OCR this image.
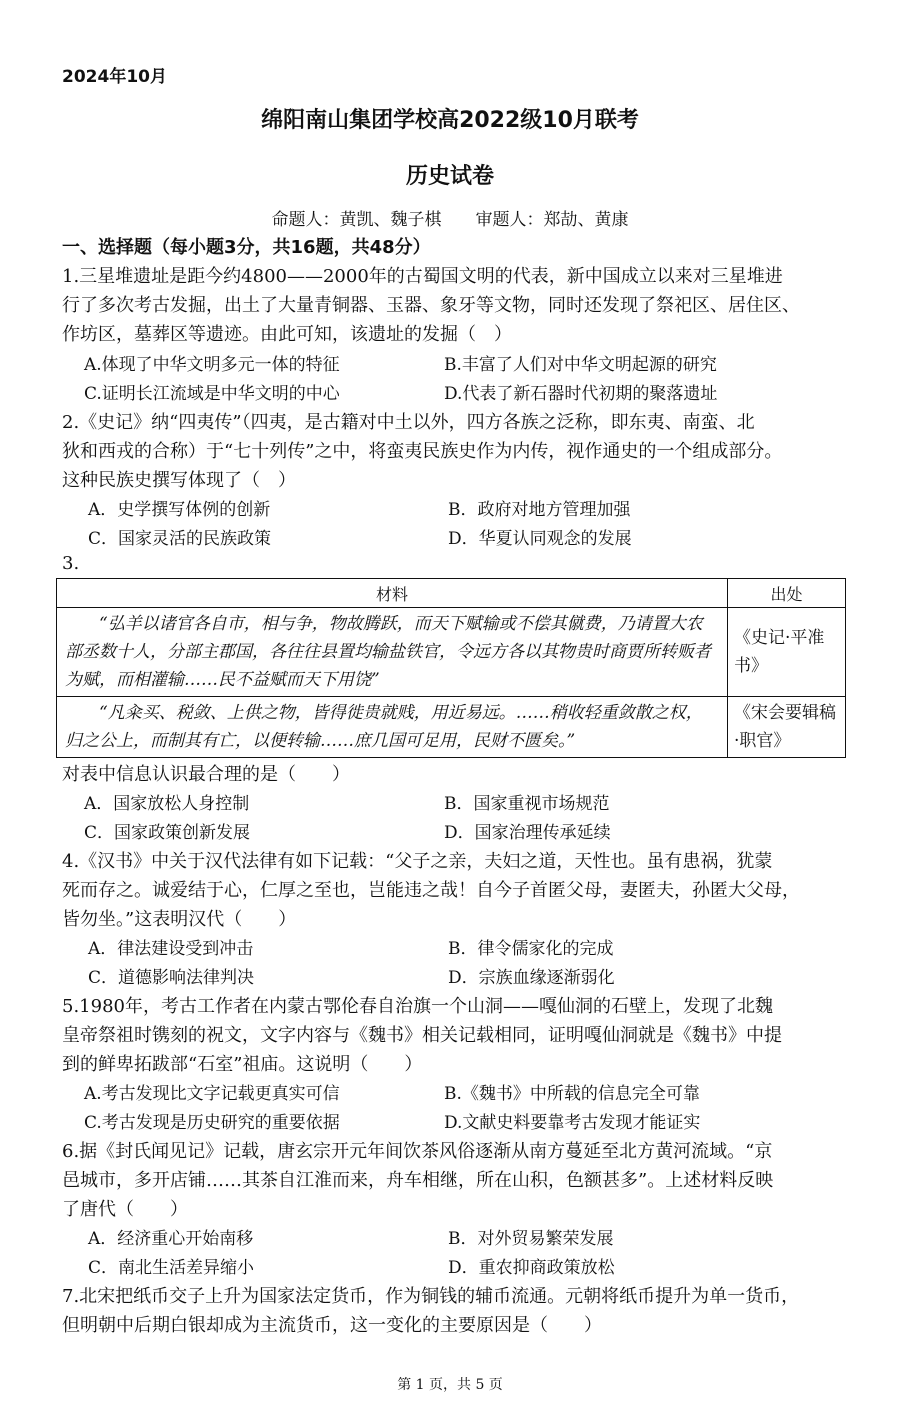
2024年10月
绵阳南山集团学校高2022级10月联考
历史试卷
命题人：黄凯、魏子棋　　审题人：郑劼、黄康
一、选择题（每小题3分，共16题，共48分）
1.三星堆遗址是距今约4800——2000年的古蜀国文明的代表，新中国成立以来对三星堆进
行了多次考古发掘，出土了大量青铜器、玉器、象牙等文物，同时还发现了祭祀区、居住区、
作坊区，墓葬区等遗迹。由此可知，该遗址的发掘（　）
A.体现了中华文明多元一体的特征	B.丰富了人们对中华文明起源的研究
C.证明长江流域是中华文明的中心	D.代表了新石器时代初期的聚落遗址
2.《史记》纳“四夷传”（四夷，是古籍对中土以外，四方各族之泛称，即东夷、南蛮、北
狄和西戎的合称）于“七十列传”之中，将蛮夷民族史作为内传，视作通史的一个组成部分。
这种民族史撰写体现了（　）
A．史学撰写体例的创新	B．政府对地方管理加强
C．国家灵活的民族政策	D．华夏认同观念的发展
3.
材料	出处
“弘羊以诸官各自市，相与争，物故腾跃，而天下赋输或不偿其僦费，乃请置大农部丞数十人，分部主郡国，各往往县置均输盐铁官，令远方各以其物贵时商贾所转贩者为赋，而相灌输……民不益赋而天下用饶”	《史记·平准书》
“凡籴买、税敛、上供之物，皆得徙贵就贱，用近易远。……稍收轻重敛散之权，归之公上，而制其有亡，以便转输……庶几国可足用，民财不匮矣。”	《宋会要辑稿·职官》
对表中信息认识最合理的是（　　）
A．国家放松人身控制	B．国家重视市场规范
C．国家政策创新发展	D．国家治理传承延续
4.《汉书》中关于汉代法律有如下记载：“父子之亲，夫妇之道，天性也。虽有患祸，犹蒙
死而存之。诚爱结于心，仁厚之至也，岂能违之哉！自今子首匿父母，妻匿夫，孙匿大父母，
皆勿坐。”这表明汉代（　　）
A．律法建设受到冲击	B．律令儒家化的完成
C．道德影响法律判决	D．宗族血缘逐渐弱化
5.1980年，考古工作者在内蒙古鄂伦春自治旗一个山洞——嘎仙洞的石壁上，发现了北魏
皇帝祭祖时镌刻的祝文，文字内容与《魏书》相关记载相同，证明嘎仙洞就是《魏书》中提
到的鲜卑拓跋部“石室”祖庙。这说明（　　）
A.考古发现比文字记载更真实可信	B.《魏书》中所载的信息完全可靠
C.考古发现是历史研究的重要依据	D.文献史料要靠考古发现才能证实
6.据《封氏闻见记》记载，唐玄宗开元年间饮茶风俗逐渐从南方蔓延至北方黄河流域。“京
邑城市，多开店铺……其茶自江淮而来，舟车相继，所在山积，色额甚多”。上述材料反映
了唐代（　　）
A．经济重心开始南移	B．对外贸易繁荣发展
C．南北生活差异缩小	D．重农抑商政策放松
7.北宋把纸币交子上升为国家法定货币，作为铜钱的辅币流通。元朝将纸币提升为单一货币，
但明朝中后期白银却成为主流货币，这一变化的主要原因是（　　）
第 1 页，共 5 页
